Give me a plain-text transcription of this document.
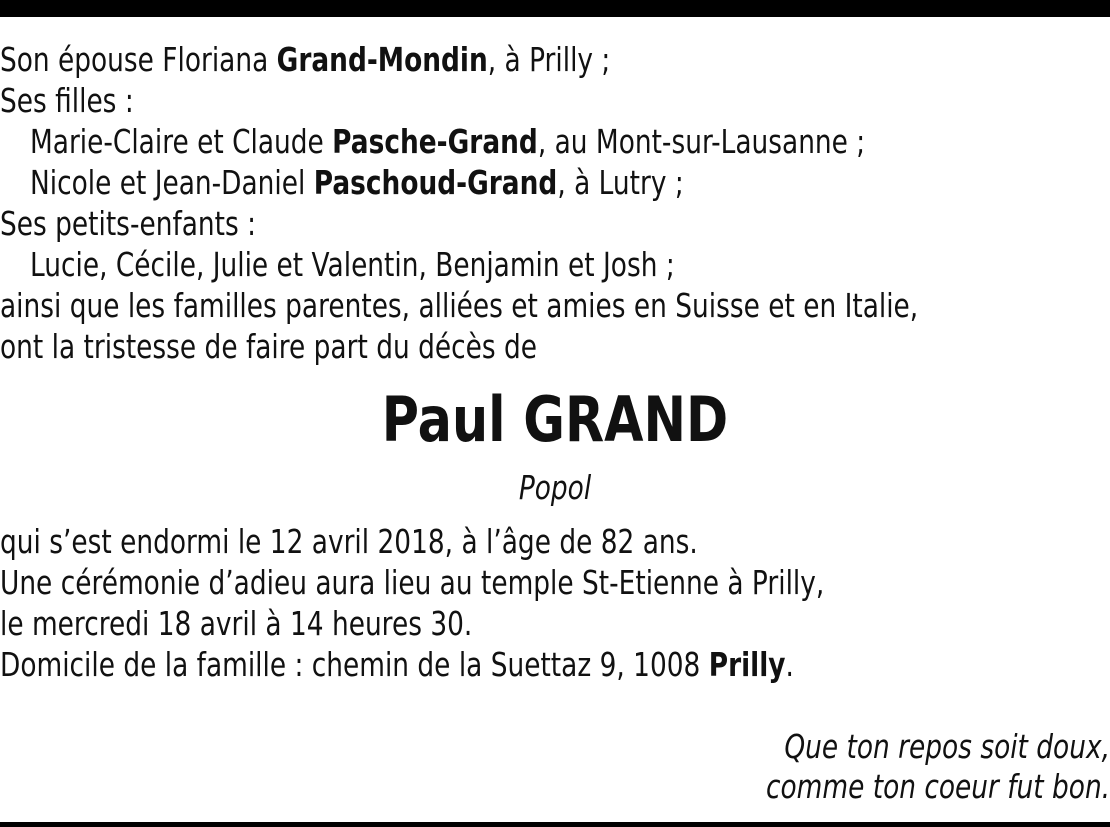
Son épouse Floriana Grand-Mondin, à Prilly ;
Ses filles :
Marie-Claire et Claude Pasche-Grand, au Mont-sur-Lausanne ;
Nicole et Jean-Daniel Paschoud-Grand, à Lutry ;
Ses petits-enfants :
Lucie, Cécile, Julie et Valentin, Benjamin et Josh ;
ainsi que les familles parentes, alliées et amies en Suisse et en Italie,
ont la tristesse de faire part du décès de
Paul GRAND
Popol
qui s’est endormi le 12 avril 2018, à l’âge de 82 ans.
Une cérémonie d’adieu aura lieu au temple St-Etienne à Prilly,
le mercredi 18 avril à 14 heures 30.
Domicile de la famille : chemin de la Suettaz 9, 1008 Prilly.
Que ton repos soit doux,
comme ton coeur fut bon.
